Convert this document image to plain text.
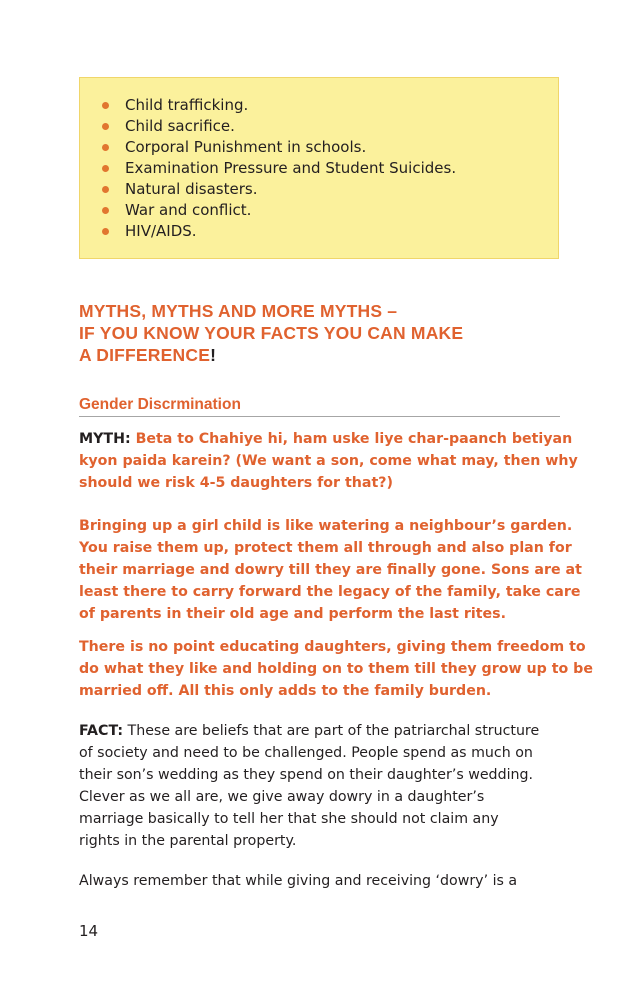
Child trafficking.
Child sacrifice.
Corporal Punishment in schools.
Examination Pressure and Student Suicides.
Natural disasters.
War and conflict.
HIV/AIDS.
MYTHS, MYTHS AND MORE MYTHS –
IF YOU KNOW YOUR FACTS YOU CAN MAKE
A DIFFERENCE!
Gender Discrmination
MYTH: Beta to Chahiye hi, ham uske liye char-paanch betiyan
kyon paida karein? (We want a son, come what may, then why
should we risk 4-5 daughters for that?)
Bringing up a girl child is like watering a neighbour’s garden.
You raise them up, protect them all through and also plan for
their marriage and dowry till they are finally gone. Sons are at
least there to carry forward the legacy of the family, take care
of parents in their old age and perform the last rites.
There is no point educating daughters, giving them freedom to
do what they like and holding on to them till they grow up to be
married off. All this only adds to the family burden.
FACT: These are beliefs that are part of the patriarchal structure
of society and need to be challenged. People spend as much on
their son’s wedding as they spend on their daughter’s wedding.
Clever as we all are, we give away dowry in a daughter’s
marriage basically to tell her that she should not claim any
rights in the parental property.
Always remember that while giving and receiving ‘dowry’ is a
14
